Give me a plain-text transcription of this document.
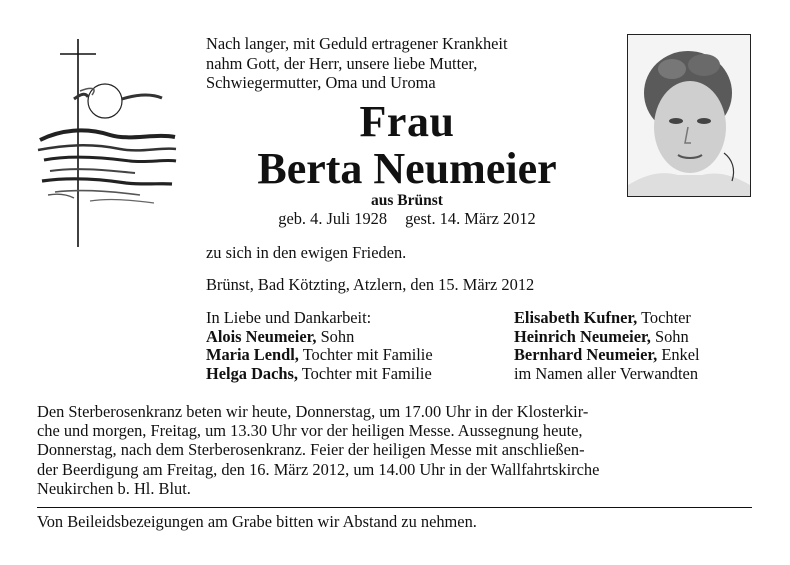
Nach langer, mit Geduld ertragener Krankheit
nahm Gott, der Herr, unsere liebe Mutter,
Schwiegermutter, Oma und Uroma

Frau
Berta Neumeier
aus Brünst
geb. 4. Juli 1928 gest. 14. März 2012
zu sich in den ewigen Frieden.
Brünst, Bad Kötzting, Atzlern, den 15. März 2012
In Liebe und Dankarbeit:
Alois Neumeier, Sohn
Maria Lendl, Tochter mit Familie
Helga Dachs, Tochter mit Familie
Elisabeth Kufner, Tochter
Heinrich Neumeier, Sohn
Bernhard Neumeier, Enkel
im Namen aller Verwandten

Den Sterberosenkranz beten wir heute, Donnerstag, um 17.00 Uhr in der Klosterkir-
che und morgen, Freitag, um 13.30 Uhr vor der heiligen Messe. Aussegnung heute,
Donnerstag, nach dem Sterberosenkranz. Feier der heiligen Messe mit anschließen-
der Beerdigung am Freitag, den 16. März 2012, um 14.00 Uhr in der Wallfahrtskirche
Neukirchen b. Hl. Blut.

Von Beileidsbezeigungen am Grabe bitten wir Abstand zu nehmen.
